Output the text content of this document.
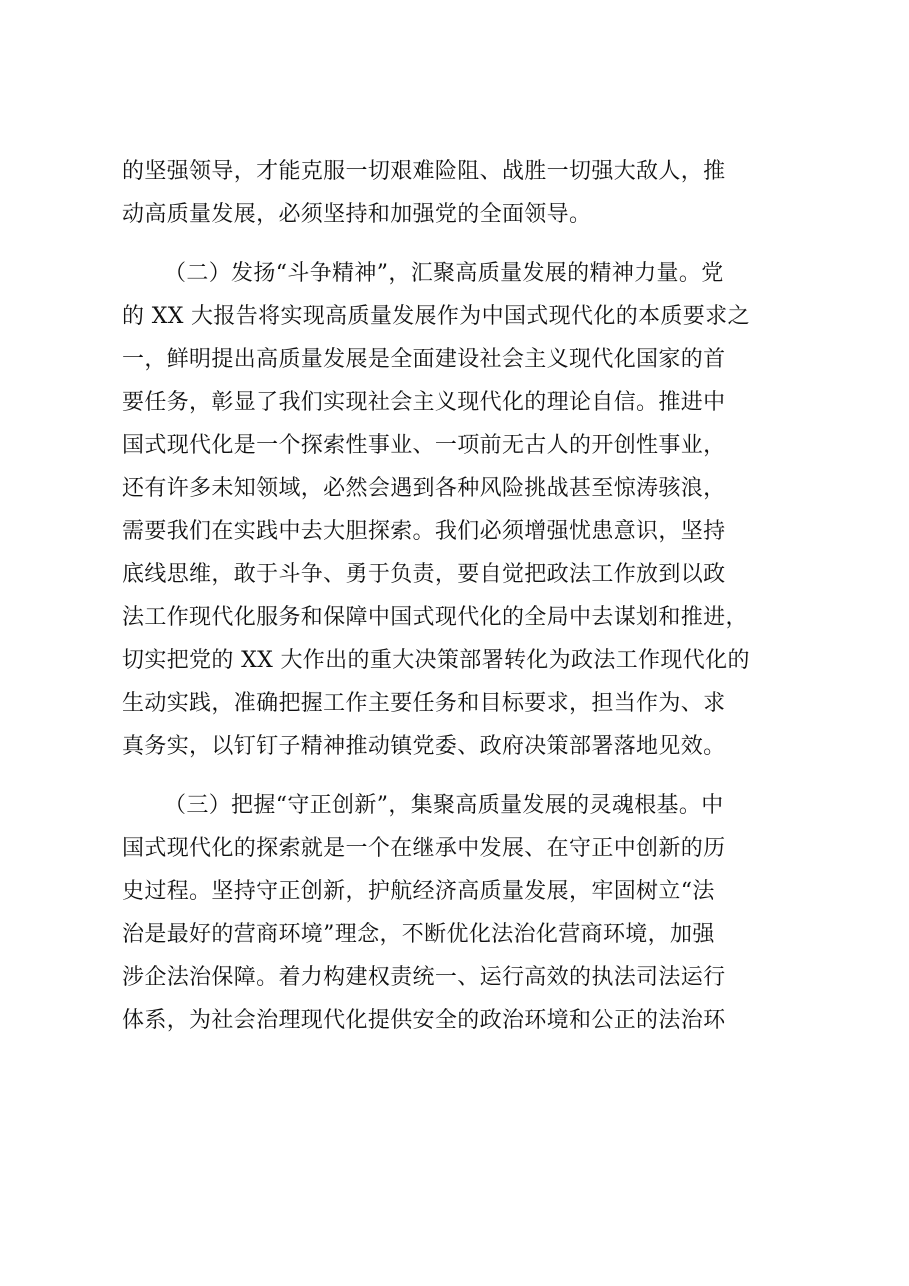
的坚强领导，才能克服一切艰难险阻、战胜一切强大敌人，推
动高质量发展，必须坚持和加强党的全面领导。
（二）发扬“斗争精神”，汇聚高质量发展的精神力量。党
的 XX 大报告将实现高质量发展作为中国式现代化的本质要求之
一，鲜明提出高质量发展是全面建设社会主义现代化国家的首
要任务，彰显了我们实现社会主义现代化的理论自信。推进中
国式现代化是一个探索性事业、一项前无古人的开创性事业，
还有许多未知领域，必然会遇到各种风险挑战甚至惊涛骇浪，
需要我们在实践中去大胆探索。我们必须增强忧患意识，坚持
底线思维，敢于斗争、勇于负责，要自觉把政法工作放到以政
法工作现代化服务和保障中国式现代化的全局中去谋划和推进，
切实把党的 XX 大作出的重大决策部署转化为政法工作现代化的
生动实践，准确把握工作主要任务和目标要求，担当作为、求
真务实，以钉钉子精神推动镇党委、政府决策部署落地见效。
（三）把握“守正创新”，集聚高质量发展的灵魂根基。中
国式现代化的探索就是一个在继承中发展、在守正中创新的历
史过程。坚持守正创新，护航经济高质量发展，牢固树立“法
治是最好的营商环境”理念，不断优化法治化营商环境，加强
涉企法治保障。着力构建权责统一、运行高效的执法司法运行
体系，为社会治理现代化提供安全的政治环境和公正的法治环
